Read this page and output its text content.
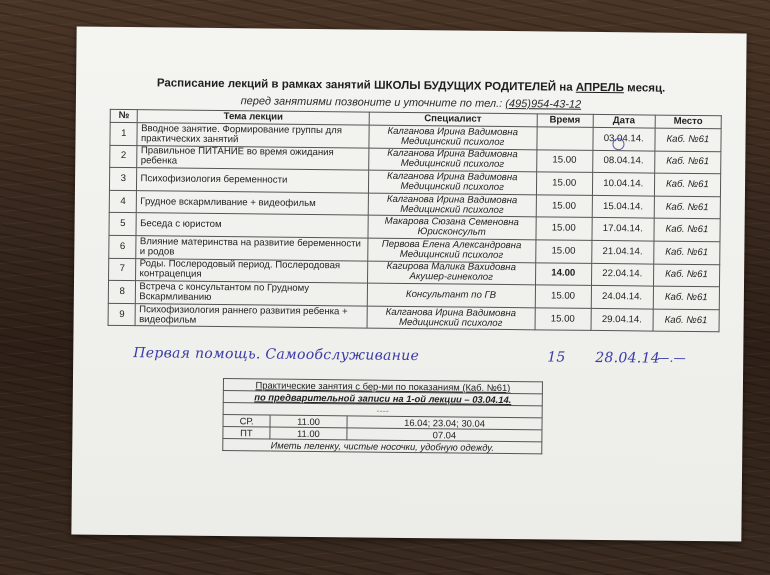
Расписание лекций в рамках занятий ШКОЛЫ БУДУЩИХ РОДИТЕЛЕЙ на АПРЕЛЬ месяц.
перед занятиями позвоните и уточните по тел.: (495)954-43-12
№	Тема лекции	Специалист	Время	Дата	Место
1	Вводное занятие. Формирование группы для практических занятий	Калганова Ирина Вадимовна
Медицинский психолог		03.04.14.	Каб. №61
2	Правильное ПИТАНИЕ во время ожидания ребенка	Калганова Ирина Вадимовна
Медицинский психолог	15.00	08.04.14.	Каб. №61
3	Психофизиология беременности	Калганова Ирина Вадимовна
Медицинский психолог	15.00	10.04.14.	Каб. №61
4	Грудное вскармливание + видеофильм	Калганова Ирина Вадимовна
Медицинский психолог	15.00	15.04.14.	Каб. №61
5	Беседа с юристом	Макарова Сюзана Семеновна
Юрисконсульт	15.00	17.04.14.	Каб. №61
6	Влияние материнства на развитие беременности и родов	Первова Елена Александровна
Медицинский психолог	15.00	21.04.14.	Каб. №61
7	Роды. Послеродовый период. Послеродовая контрацепция	Кагирова Малика Вахидовна
Акушер-гинеколог	14.00	22.04.14.	Каб. №61
8	Встреча с консультантом по Грудному Вскармливанию	Консультант по ГВ	15.00	24.04.14.	Каб. №61
9	Психофизиология раннего развития ребенка + видеофильм	Калганова Ирина Вадимовна
Медицинский психолог	15.00	29.04.14.	Каб. №61
Первая помощь. Самообслуживание	15 28.04.14
—.—
Практические занятия с бер-ми по показаниям (Каб. №61)		
по предварительной записи на 1-ой лекции – 03.04.14.		
----		
СР.	11.00	16.04; 23.04; 30.04
ПТ	11.00	07.04
Иметь пеленку, чистые носочки, удобную одежду.		
